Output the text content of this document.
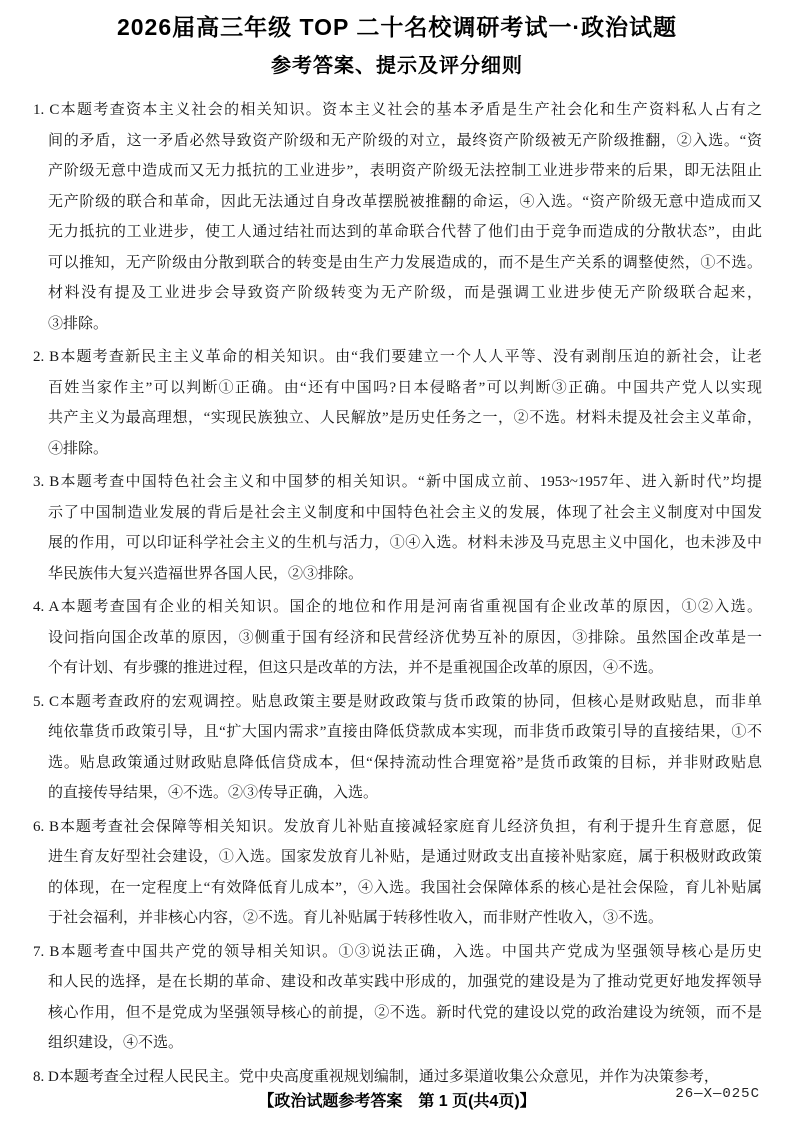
2026届高三年级 TOP 二十名校调研考试一·政治试题
参考答案、提示及评分细则
1. C本题考查资本主义社会的相关知识。资本主义社会的基本矛盾是生产社会化和生产资料私人占有之
间的矛盾，这一矛盾必然导致资产阶级和无产阶级的对立，最终资产阶级被无产阶级推翻，②入选。“资
产阶级无意中造成而又无力抵抗的工业进步”，表明资产阶级无法控制工业进步带来的后果，即无法阻止
无产阶级的联合和革命，因此无法通过自身改革摆脱被推翻的命运，④入选。“资产阶级无意中造成而又
无力抵抗的工业进步，使工人通过结社而达到的革命联合代替了他们由于竞争而造成的分散状态”，由此
可以推知，无产阶级由分散到联合的转变是由生产力发展造成的，而不是生产关系的调整使然，①不选。
材料没有提及工业进步会导致资产阶级转变为无产阶级，而是强调工业进步使无产阶级联合起来，
③排除。
2. B本题考查新民主主义革命的相关知识。由“我们要建立一个人人平等、没有剥削压迫的新社会，让老
百姓当家作主”可以判断①正确。由“还有中国吗?日本侵略者”可以判断③正确。中国共产党人以实现
共产主义为最高理想，“实现民族独立、人民解放”是历史任务之一，②不选。材料未提及社会主义革命，
④排除。
3. B本题考查中国特色社会主义和中国梦的相关知识。“新中国成立前、1953~1957年、进入新时代”均提
示了中国制造业发展的背后是社会主义制度和中国特色社会主义的发展，体现了社会主义制度对中国发
展的作用，可以印证科学社会主义的生机与活力，①④入选。材料未涉及马克思主义中国化，也未涉及中
华民族伟大复兴造福世界各国人民，②③排除。
4. A本题考查国有企业的相关知识。国企的地位和作用是河南省重视国有企业改革的原因，①②入选。
设问指向国企改革的原因，③侧重于国有经济和民营经济优势互补的原因，③排除。虽然国企改革是一
个有计划、有步骤的推进过程，但这只是改革的方法，并不是重视国企改革的原因，④不选。
5. C本题考查政府的宏观调控。贴息政策主要是财政政策与货币政策的协同，但核心是财政贴息，而非单
纯依靠货币政策引导，且“扩大国内需求”直接由降低贷款成本实现，而非货币政策引导的直接结果，①不
选。贴息政策通过财政贴息降低信贷成本，但“保持流动性合理宽裕”是货币政策的目标，并非财政贴息
的直接传导结果，④不选。②③传导正确，入选。
6. B本题考查社会保障等相关知识。发放育儿补贴直接减轻家庭育儿经济负担，有利于提升生育意愿，促
进生育友好型社会建设，①入选。国家发放育儿补贴，是通过财政支出直接补贴家庭，属于积极财政政策
的体现，在一定程度上“有效降低育儿成本”，④入选。我国社会保障体系的核心是社会保险，育儿补贴属
于社会福利，并非核心内容，②不选。育儿补贴属于转移性收入，而非财产性收入，③不选。
7. B本题考查中国共产党的领导相关知识。①③说法正确，入选。中国共产党成为坚强领导核心是历史
和人民的选择，是在长期的革命、建设和改革实践中形成的，加强党的建设是为了推动党更好地发挥领导
核心作用，但不是党成为坚强领导核心的前提，②不选。新时代党的建设以党的政治建设为统领，而不是
组织建设，④不选。
8. D本题考查全过程人民民主。党中央高度重视规划编制，通过多渠道收集公众意见，并作为决策参考，
【政治试题参考答案　第 1 页(共4页)】	26—X—025C
